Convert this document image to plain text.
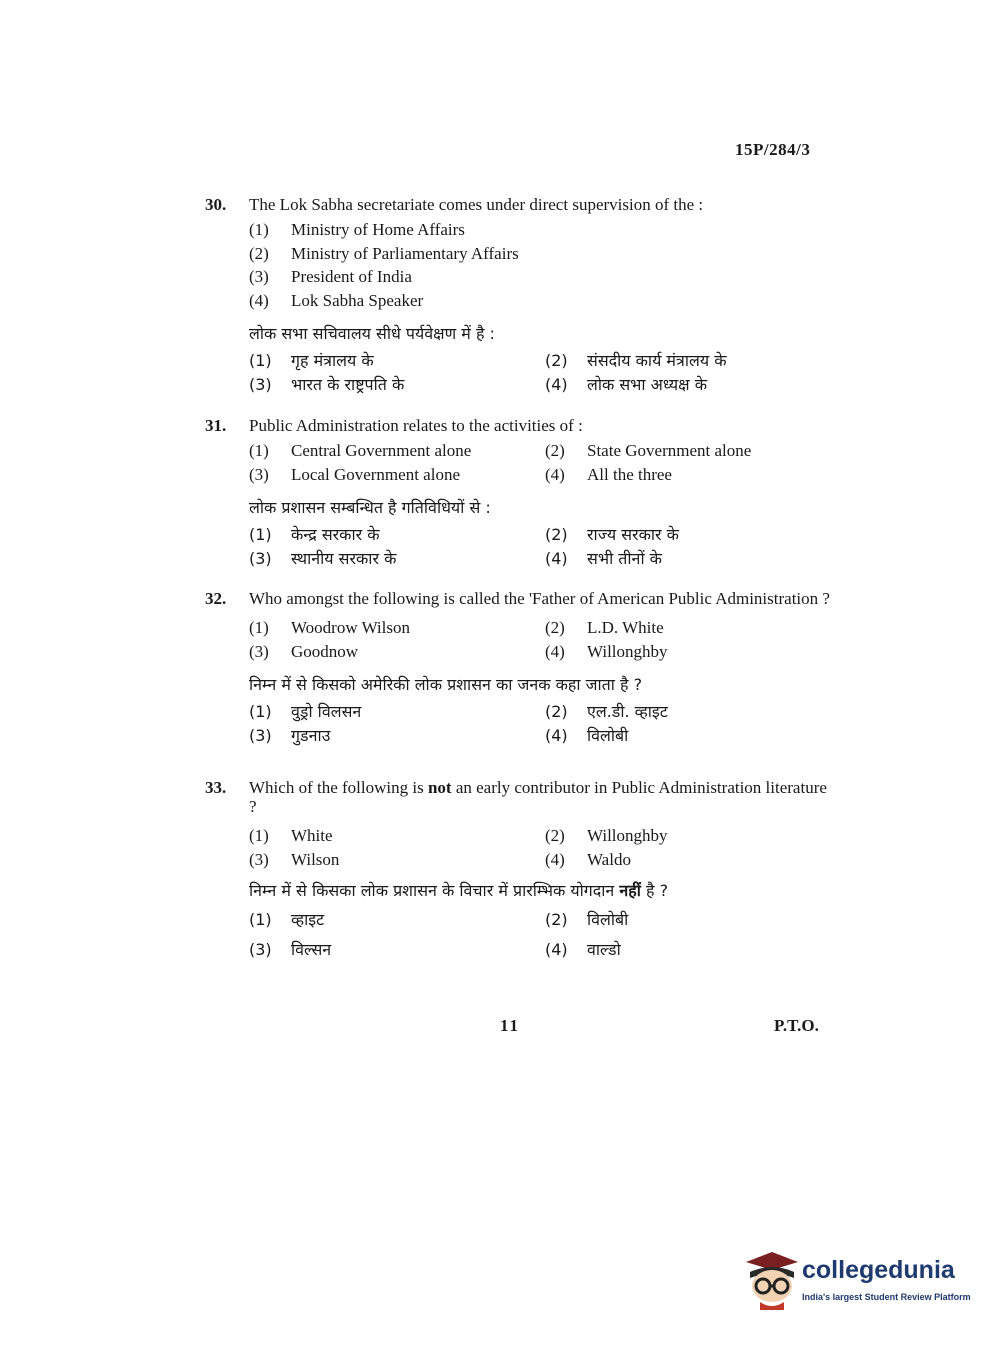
15P/284/3
30.	The Lok Sabha secretariate comes under direct supervision of the :
(1)	Ministry of Home Affairs
(2)	Ministry of Parliamentary Affairs
(3)	President of India
(4)	Lok Sabha Speaker
लोक सभा सचिवालय सीधे पर्यवेक्षण में है :
(1)	गृह मंत्रालय के	(2)	संसदीय कार्य मंत्रालय के
(3)	भारत के राष्ट्रपति के	(4)	लोक सभा अध्यक्ष के
31.	Public Administration relates to the activities of :
(1)	Central Government alone	(2)	State Government alone
(3)	Local Government alone	(4)	All the three
लोक प्रशासन सम्बन्धित है गतिविधियों से :
(1)	केन्द्र सरकार के	(2)	राज्य सरकार के
(3)	स्थानीय सरकार के	(4)	सभी तीनों के
32.	Who amongst the following is called the 'Father of American Public Administration ?
(1)	Woodrow Wilson	(2)	L.D. White
(3)	Goodnow	(4)	Willonghby
निम्न में से किसको अमेरिकी लोक प्रशासन का जनक कहा जाता है ?
(1)	वुड्रो विलसन	(2)	एल.डी. व्हाइट
(3)	गुडनाउ	(4)	विलोबी
33.	Which of the following is not an early contributor in Public Administration literature ?
(1)	White	(2)	Willonghby
(3)	Wilson	(4)	Waldo
निम्न में से किसका लोक प्रशासन के विचार में प्रारम्भिक योगदान नहीं है ?
(1)	व्हाइट	(2)	विलोबी
(3)	विल्सन	(4)	वाल्डो
11	P.T.O.
collegedunia
India's largest Student Review Platform
